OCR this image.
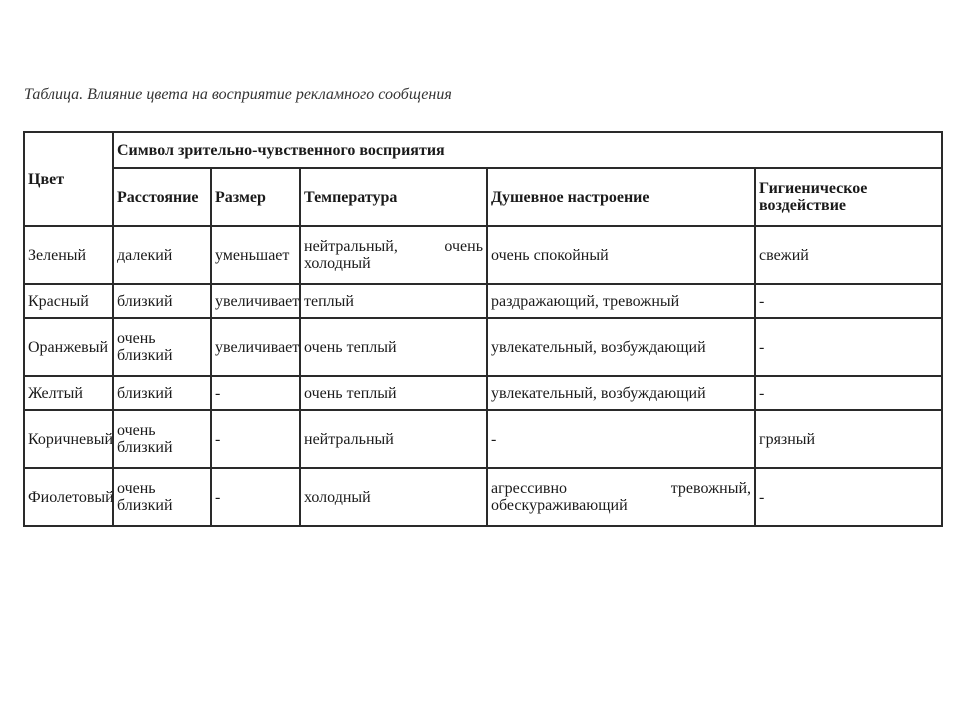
Таблица. Влияние цвета на восприятие рекламного сообщения
Цвет	Символ зрительно-чувственного восприятия				
	Расстояние	Размер	Температура	Душевное настроение	Гигиеническое воздействие
Зеленый	далекий	уменьшает	нейтральный, очень холодный	очень спокойный	свежий
Красный	близкий	увеличивает	теплый	раздражающий, тревожный	-
Оранжевый	очень близкий	увеличивает	очень теплый	увлекательный, возбуждающий	-
Желтый	близкий	-	очень теплый	увлекательный, возбуждающий	-
Коричневый	очень близкий	-	нейтральный	-	грязный
Фиолетовый	очень близкий	-	холодный	агрессивно тревожный, обескураживающий	-
